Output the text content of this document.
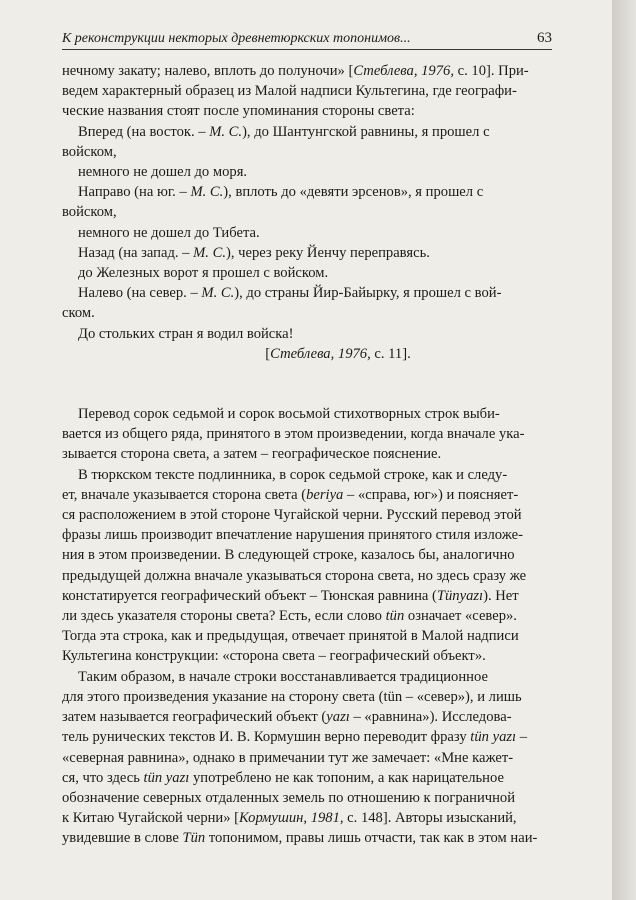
К реконструкции некторых древнетюркских топонимов...	63

нечному закату; налево, вплоть до полуночи» [Стеблева, 1976, с. 10]. При-

ведем характерный образец из Малой надписи Культегина, где географи-

ческие названия стоят после упоминания стороны света:

Вперед (на восток. – М. С.), до Шантунгской равнины, я прошел с

войском,

немного не дошел до моря.

Направо (на юг. – М. С.), вплоть до «девяти эрсенов», я прошел с

войском,

немного не дошел до Тибета.

Назад (на запад. – М. С.), через реку Йенчу переправясь.

до Железных ворот я прошел с войском.

Налево (на север. – М. С.), до страны Йир-Байырку, я прошел с вой-

ском.

До стольких стран я водил войска!

[Стеблева, 1976, с. 11].

Перевод сорок седьмой и сорок восьмой стихотворных строк выби-

вается из общего ряда, принятого в этом произведении, когда вначале ука-

зывается сторона света, а затем – географическое пояснение.

В тюркском тексте подлинника, в сорок седьмой строке, как и следу-

ет, вначале указывается сторона света (beriya – «справа, юг») и поясняет-

ся расположением в этой стороне Чугайской черни. Русский перевод этой

фразы лишь производит впечатление нарушения принятого стиля изложе-

ния в этом произведении. В следующей строке, казалось бы, аналогично

предыдущей должна вначале указываться сторона света, но здесь сразу же

констатируется географический объект – Тюнская равнина (Tünyazı). Нет

ли здесь указателя стороны света? Есть, если слово tün означает «север».

Тогда эта строка, как и предыдущая, отвечает принятой в Малой надписи

Культегина конструкции: «сторона света – географический объект».

Таким образом, в начале строки восстанавливается традиционное

для этого произведения указание на сторону света (tün – «север»), и лишь

затем называется географический объект (yazı – «равнина»). Исследова-

тель рунических текстов И. В. Кормушин верно переводит фразу tün yazı –

«северная равнина», однако в примечании тут же замечает: «Мне кажет-

ся, что здесь tün yazı употреблено не как топоним, а как нарицательное

обозначение северных отдаленных земель по отношению к пограничной

к Китаю Чугайской черни» [Кормушин, 1981, с. 148]. Авторы изысканий,

увидевшие в слове Tün топонимом, правы лишь отчасти, так как в этом наи-
